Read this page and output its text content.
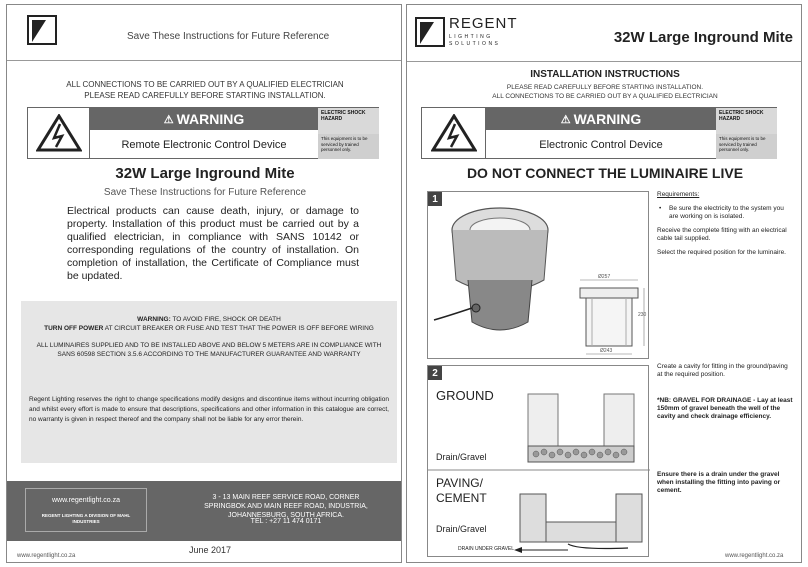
Save These Instructions for Future Reference
ALL CONNECTIONS TO BE CARRIED OUT BY A QUALIFIED ELECTRICIAN
PLEASE READ CAREFULLY BEFORE STARTING INSTALLATION.
⚠ WARNING
Remote Electronic Control Device
ELECTRIC SHOCK HAZARD
This equipment is to be serviced by trained personnel only.
32W Large Inground Mite
Save These Instructions for Future Reference
Electrical products can cause death, injury, or damage to property. Installation of this product must be carried out by a qualified electrician, in compliance with SANS 10142 or corresponding regulations of the country of installation. On completion of installation, the Certificate of Compliance must be updated.
WARNING: TO AVOID FIRE, SHOCK OR DEATH
TURN OFF POWER AT CIRCUIT BREAKER OR FUSE AND TEST THAT THE POWER IS OFF BEFORE WIRING
ALL LUMINAIRES SUPPLIED AND TO BE INSTALLED ABOVE AND BELOW 5 METERS ARE IN COMPLIANCE WITH SANS 60598 SECTION 3.5.6 ACCORDING TO THE MANUFACTURER GUARANTEE AND WARRANTY
Regent Lighting reserves the right to change specifications modify designs and discontinue items without incurring obligation and whilst every effort is made to ensure that descriptions, specifications and other information in this catalogue are correct, no warranty is given in respect thereof and the company shall not be liable for any error therein.
www.regentlight.co.za
REGENT LIGHTING A DIVISION OF MAHL INDUSTRIES
3 - 13 MAIN REEF SERVICE ROAD, CORNER SPRINGBOK AND MAIN REEF ROAD, INDUSTRIA, JOHANNESBURG, SOUTH AFRICA.
TEL : +27 11 474 0171
June 2017
www.regentlight.co.za
REGENT
LIGHTING SOLUTIONS	32W Large Inground Mite
INSTALLATION INSTRUCTIONS
PLEASE READ CAREFULLY BEFORE STARTING INSTALLATION.
ALL CONNECTIONS TO BE CARRIED OUT BY A QUALIFIED ELECTRICIAN
⚠ WARNING
Electronic Control Device
ELECTRIC SHOCK HAZARD
This equipment is to be serviced by trained personnel only.
DO NOT CONNECT THE LUMINAIRE LIVE
1
Ø257
230
Ø243
2
GROUND
Drain/Gravel
PAVING/
CEMENT
Drain/Gravel
DRAIN UNDER GRAVEL

Requirements:

• Be sure the electricity to the system you are working on is isolated.

Receive the complete fitting with an electrical cable tail supplied.

Select the required position for the luminaire.

Create a cavity for fitting in the ground/paving at the required position.
*NB: GRAVEL FOR DRAINAGE - Lay at least 150mm of gravel beneath the well of the cavity and check drainage efficiency.
Ensure there is a drain under the gravel when installing the fitting into paving or cement.
www.regentlight.co.za
